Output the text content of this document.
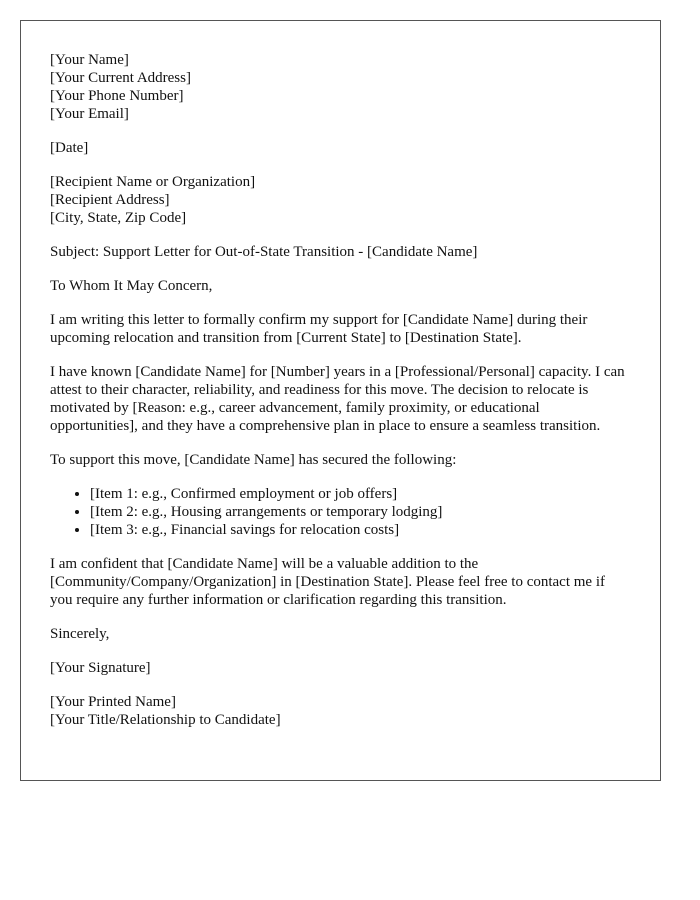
[Your Name]
[Your Current Address]
[Your Phone Number]
[Your Email]
[Date]
[Recipient Name or Organization]
[Recipient Address]
[City, State, Zip Code]

Subject: Support Letter for Out-of-State Transition - [Candidate Name]

To Whom It May Concern,

I am writing this letter to formally confirm my support for [Candidate Name] during their upcoming relocation and transition from [Current State] to [Destination State].

I have known [Candidate Name] for [Number] years in a [Professional/Personal] capacity. I can attest to their character, reliability, and readiness for this move. The decision to relocate is motivated by [Reason: e.g., career advancement, family proximity, or educational opportunities], and they have a comprehensive plan in place to ensure a seamless transition.

To support this move, [Candidate Name] has secured the following:

• [Item 1: e.g., Confirmed employment or job offers]
• [Item 2: e.g., Housing arrangements or temporary lodging]
• [Item 3: e.g., Financial savings for relocation costs]

I am confident that [Candidate Name] will be a valuable addition to the [Community/Company/Organization] in [Destination State]. Please feel free to contact me if you require any further information or clarification regarding this transition.

Sincerely,

[Your Signature]

[Your Printed Name]
[Your Title/Relationship to Candidate]
